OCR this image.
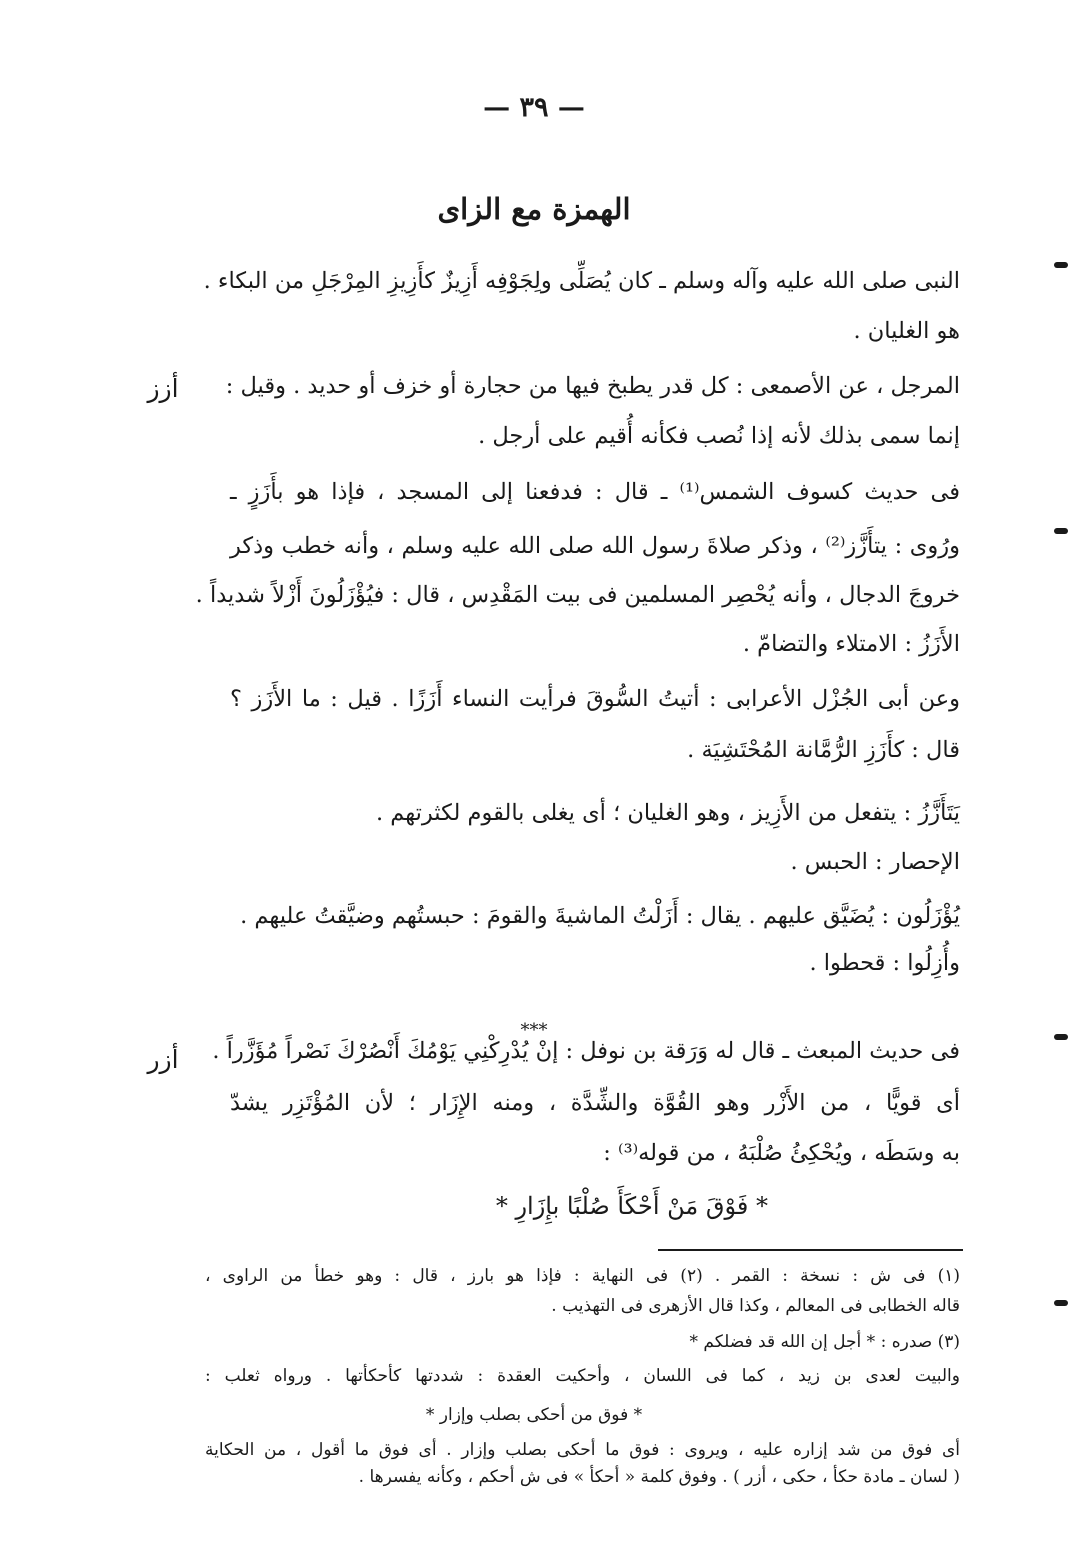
— ٣٩ —
الهمزة مع الزاى
أزز
أزر
النبى صلى الله عليه وآله وسلم ـ كان يُصَلِّى ولِجَوْفِه أَزِيزٌ كأَزِيزِ المِرْجَلِ من البكاء .
هو الغليان .
المرجل ، عن الأصمعى : كل قدر يطبخ فيها من حجارة أو خزف أو حديد . وقيل :
إنما سمى بذلك لأنه إذا نُصب فكأنه أُقيم على أرجل .
فى حديث كسوف الشمس⁽¹⁾ ـ قال : فدفعنا إلى المسجد ، فإذا هو بأَزَزٍ ـ
ورُوى : يتأَزَّز⁽²⁾ ، وذكر صلاةَ رسول الله صلى الله عليه وسلم ، وأنه خطب وذكر
خروجَ الدجال ، وأنه يُحْصِر المسلمين فى بيت المَقْدِس ، قال : فيُؤْزَلُونَ أَزْلاً شديداً .
الأَزَزُ : الامتلاء والتضامّ .
وعن أبى الجُزْل الأعرابى : أتيتُ السُّوقَ فرأيت النساء أَزَزًا . قيل : ما الأَزَز ؟
قال : كأَزَزِ الرُّمَّانة المُحْتَشِيَة .
يَتَأَزَّزُ : يتفعل من الأَزِيز ، وهو الغليان ؛ أى يغلى بالقوم لكثرتهم .
الإحصار : الحبس .
يُؤْزَلُون : يُضَيَّق عليهم . يقال : أَزَلْتُ الماشيةَ والقومَ : حبستُهم وضيَّقتُ عليهم .
وأُزِلُوا : قحطوا .
***
فى حديث المبعث ـ قال له وَرَقة بن نوفل : إنْ يُدْرِكْنِي يَوْمُكَ أَنْصُرْكَ نَصْراً مُؤَزَّراً .
أى قويًّا ، من الأَزْر وهو القُوَّة والشِّدَّة ، ومنه الإِزَار ؛ لأن المُؤْتَزِر يشدّ
به وسَطَه ، ويُحْكِئُ صُلْبَهُ ، من قوله⁽³⁾ :
* فَوْقَ مَنْ أَحْكَأَ صُلْبًا بإِزَارِ *
(١) فى ش : نسخة : القمر . (٢) فى النهاية : فإذا هو بارز ، قال : وهو خطأ من الراوى ،
قاله الخطابى فى المعالم ، وكذا قال الأزهرى فى التهذيب .
(٣) صدره : * أجل إن الله قد فضلكم *
والبيت لعدى بن زيد ، كما فى اللسان ، وأحكيت العقدة : شددتها كأحكأتها . ورواه ثعلب :
* فوق من أحكى بصلب وإزار *
أى فوق من شد إزاره عليه ، ويروى : فوق ما أحكى بصلب وإزار . أى فوق ما أقول ، من الحكاية
( لسان ـ مادة حكأ ، حكى ، أزر ) . وفوق كلمة « أحكأ » فى ش أحكم ، وكأنه يفسرها .
